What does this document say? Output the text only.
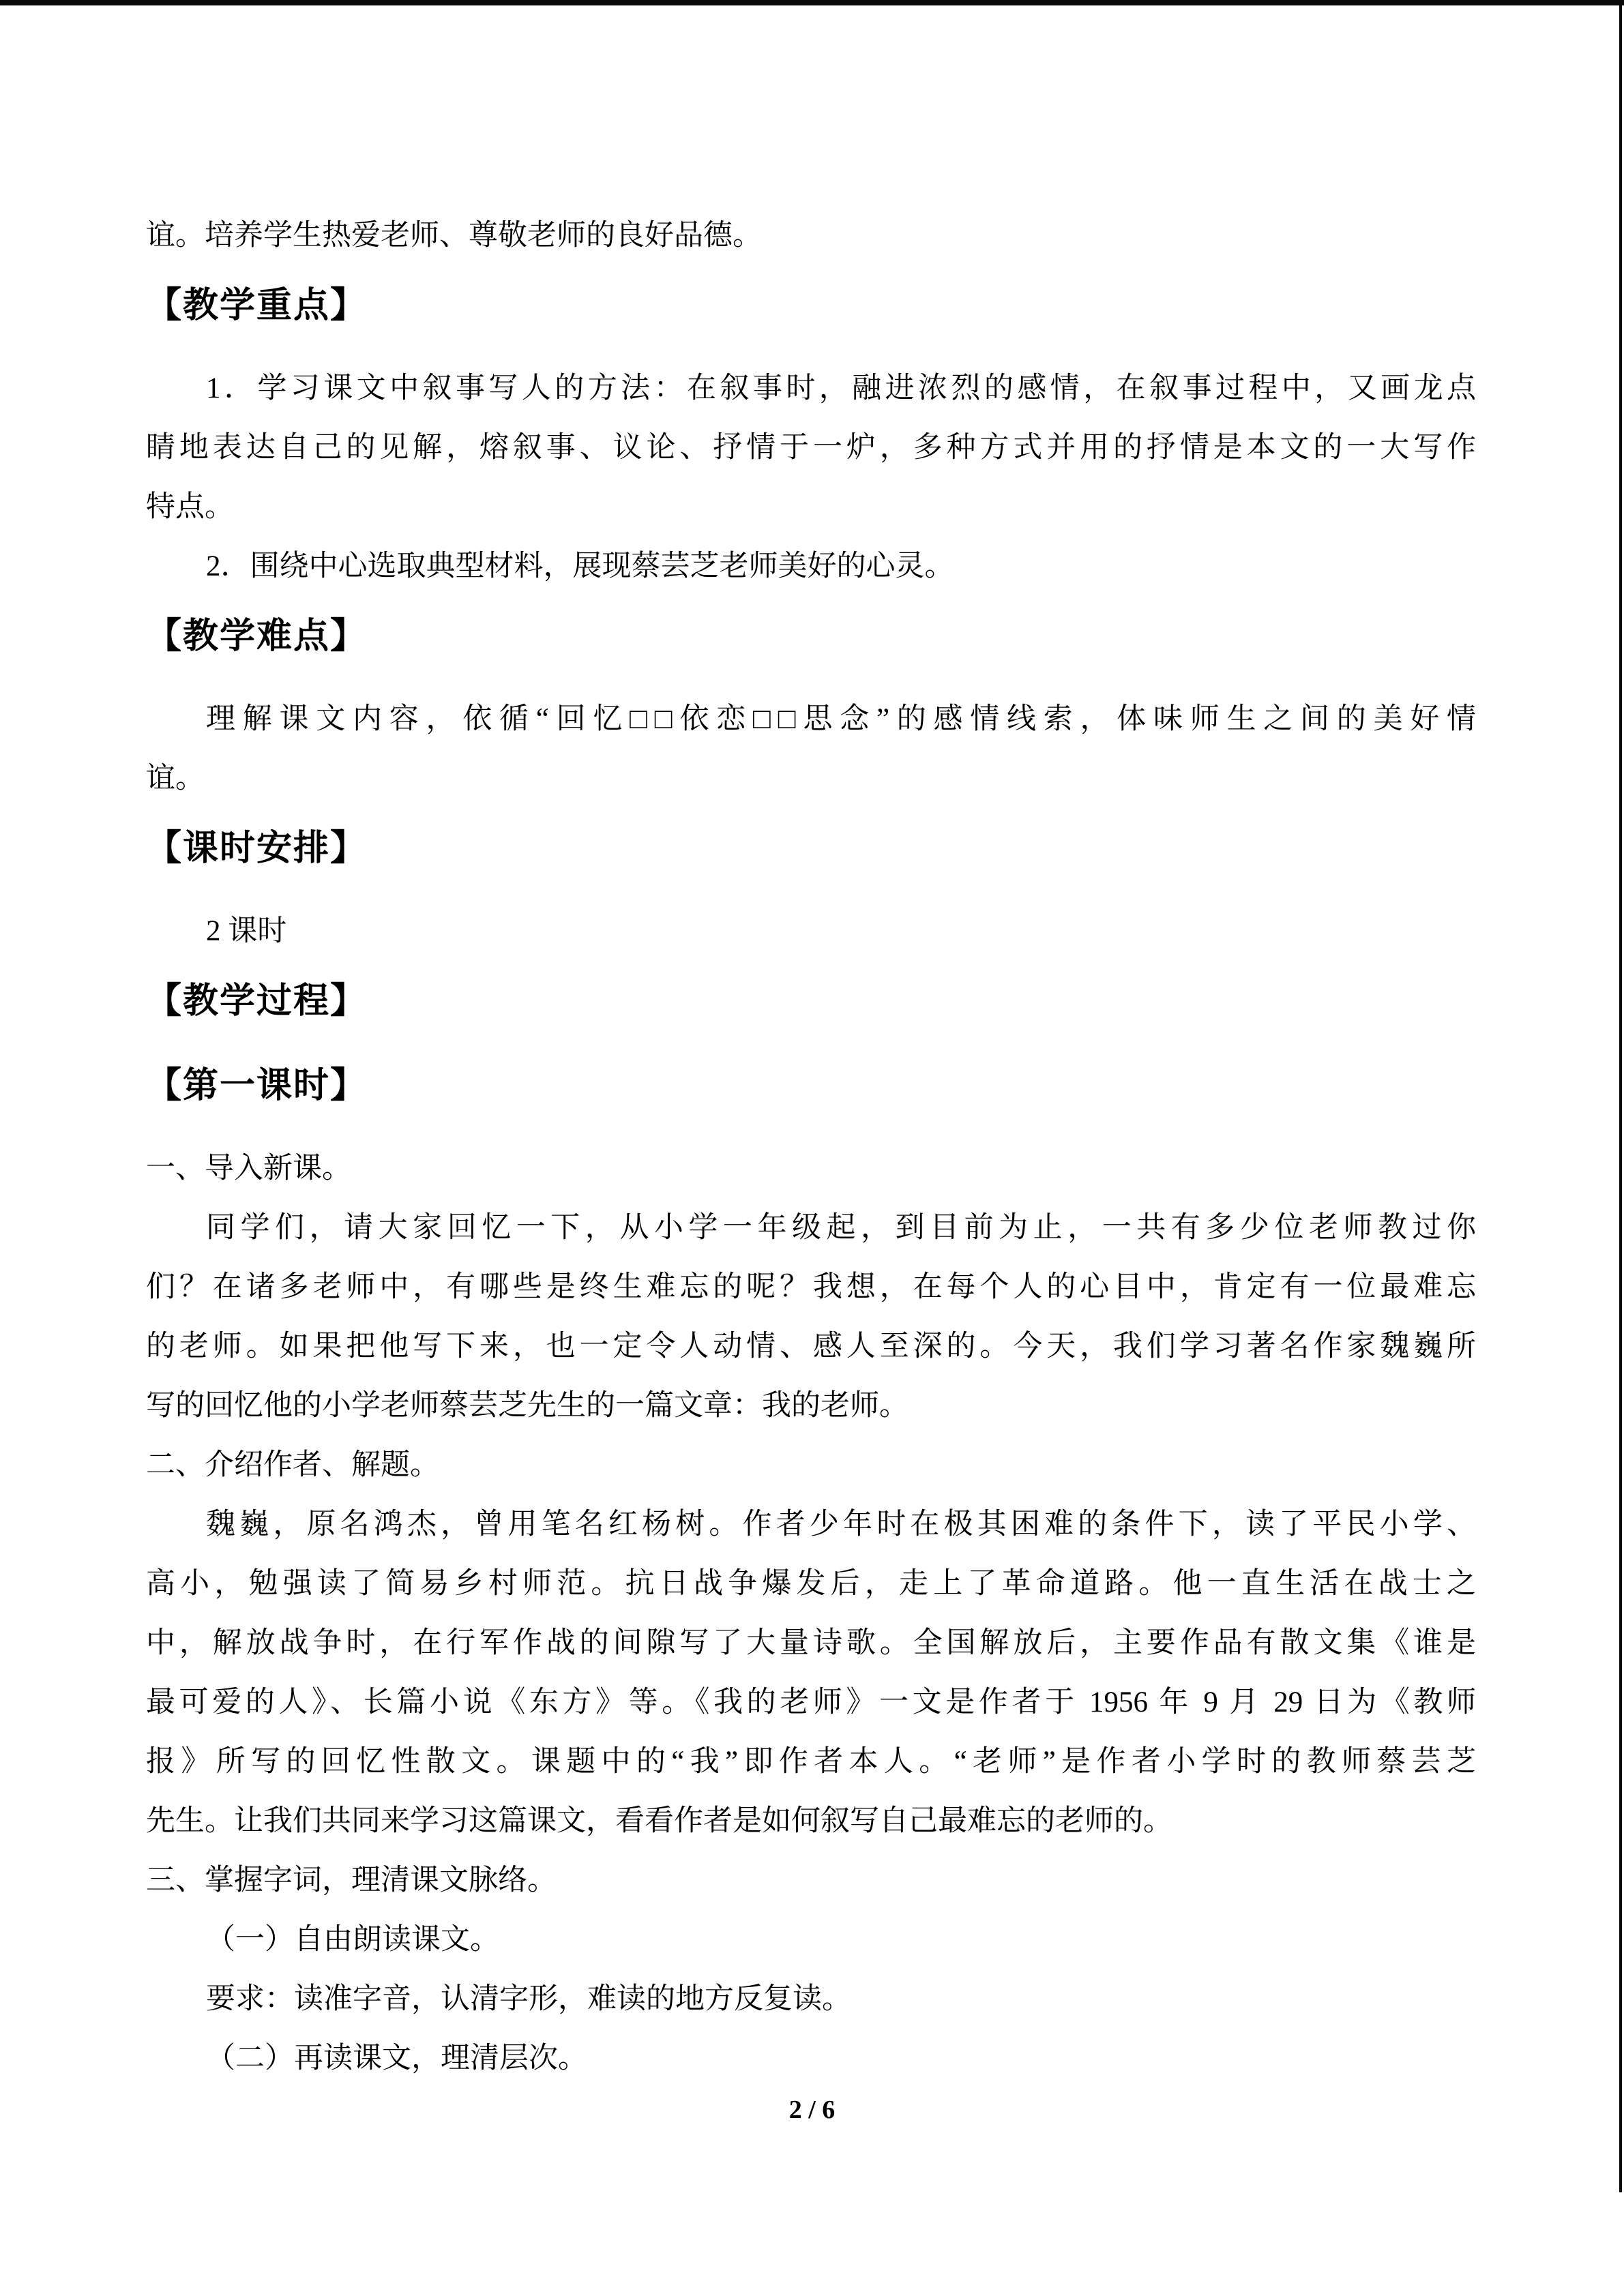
谊。培养学生热爱老师、尊敬老师的良好品德。
【教学重点】
1．学习课文中叙事写人的方法：在叙事时，融进浓烈的感情，在叙事过程中，又画龙点
睛地表达自己的见解，熔叙事、议论、抒情于一炉，多种方式并用的抒情是本文的一大写作
特点。
2．围绕中心选取典型材料，展现蔡芸芝老师美好的心灵。
【教学难点】
理解课文内容，依循“回忆□□依恋□□思念”的感情线索，体味师生之间的美好情
谊。
【课时安排】
2 课时
【教学过程】
【第一课时】
一、导入新课。
同学们，请大家回忆一下，从小学一年级起，到目前为止，一共有多少位老师教过你
们？在诸多老师中，有哪些是终生难忘的呢？我想，在每个人的心目中，肯定有一位最难忘
的老师。如果把他写下来，也一定令人动情、感人至深的。今天，我们学习著名作家魏巍所
写的回忆他的小学老师蔡芸芝先生的一篇文章：我的老师。
二、介绍作者、解题。
魏巍，原名鸿杰，曾用笔名红杨树。作者少年时在极其困难的条件下，读了平民小学、
高小，勉强读了简易乡村师范。抗日战争爆发后，走上了革命道路。他一直生活在战士之
中，解放战争时，在行军作战的间隙写了大量诗歌。全国解放后，主要作品有散文集《谁是
最可爱的人》、长篇小说《东方》等。《我的老师》一文是作者于 1956 年 9 月 29 日为《教师
报》所写的回忆性散文。课题中的“我”即作者本人。“老师”是作者小学时的教师蔡芸芝
先生。让我们共同来学习这篇课文，看看作者是如何叙写自己最难忘的老师的。
三、掌握字词，理清课文脉络。
（一）自由朗读课文。
要求：读准字音，认清字形，难读的地方反复读。
（二）再读课文，理清层次。
2 / 6
